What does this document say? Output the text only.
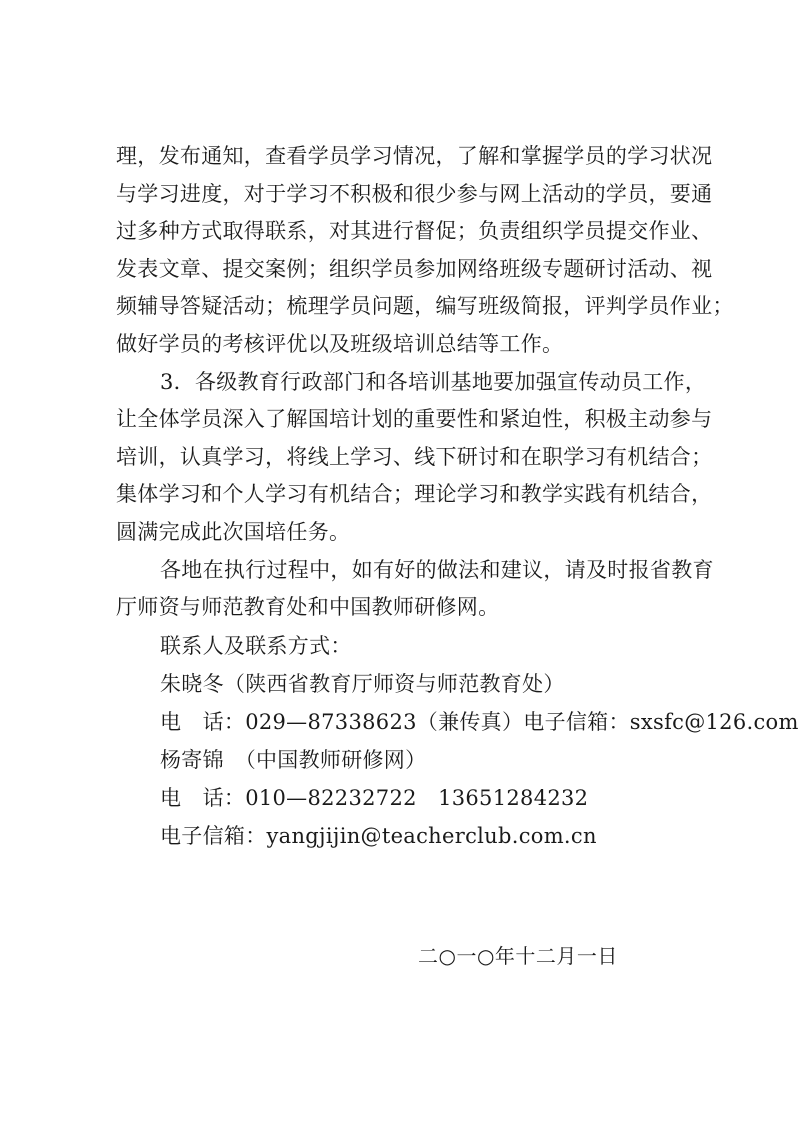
理，发布通知，查看学员学习情况，了解和掌握学员的学习状况
与学习进度，对于学习不积极和很少参与网上活动的学员，要通
过多种方式取得联系，对其进行督促；负责组织学员提交作业、
发表文章、提交案例；组织学员参加网络班级专题研讨活动、视
频辅导答疑活动；梳理学员问题，编写班级简报，评判学员作业；
做好学员的考核评优以及班级培训总结等工作。
3．各级教育行政部门和各培训基地要加强宣传动员工作，
让全体学员深入了解国培计划的重要性和紧迫性，积极主动参与
培训，认真学习，将线上学习、线下研讨和在职学习有机结合；
集体学习和个人学习有机结合；理论学习和教学实践有机结合，
圆满完成此次国培任务。
各地在执行过程中，如有好的做法和建议，请及时报省教育
厅师资与师范教育处和中国教师研修网。
联系人及联系方式：
朱晓冬（陕西省教育厅师资与师范教育处）
电　话：029—87338623（兼传真）电子信箱：sxsfc@126.com
杨寄锦　（中国教师研修网）
电　话：010—82232722　13651284232
电子信箱：yangjijin@teacherclub.com.cn
二○一○年十二月一日
